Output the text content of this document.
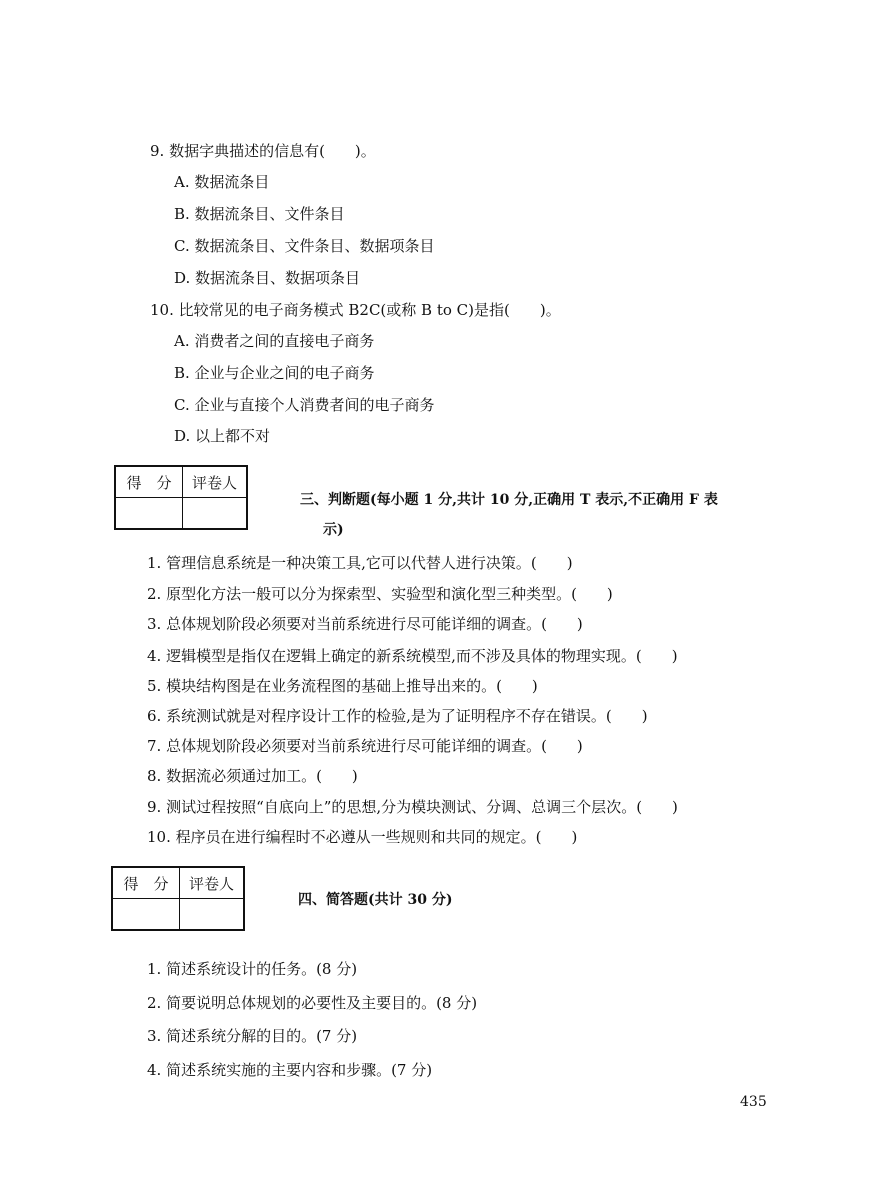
9. 数据字典描述的信息有(　　)。
A. 数据流条目
B. 数据流条目、文件条目
C. 数据流条目、文件条目、数据项条目
D. 数据流条目、数据项条目
10. 比较常见的电子商务模式 B2C(或称 B to C)是指(　　)。
A. 消费者之间的直接电子商务
B. 企业与企业之间的电子商务
C. 企业与直接个人消费者间的电子商务
D. 以上都不对
得　分	评卷人

三、判断题(每小题 1 分,共计 10 分,正确用 T 表示,不正确用 F 表
示)
1. 管理信息系统是一种决策工具,它可以代替人进行决策。(　　)
2. 原型化方法一般可以分为探索型、实验型和演化型三种类型。(　　)
3. 总体规划阶段必须要对当前系统进行尽可能详细的调查。(　　)
4. 逻辑模型是指仅在逻辑上确定的新系统模型,而不涉及具体的物理实现。(　　)
5. 模块结构图是在业务流程图的基础上推导出来的。(　　)
6. 系统测试就是对程序设计工作的检验,是为了证明程序不存在错误。(　　)
7. 总体规划阶段必须要对当前系统进行尽可能详细的调查。(　　)
8. 数据流必须通过加工。(　　)
9. 测试过程按照“自底向上”的思想,分为模块测试、分调、总调三个层次。(　　)
10. 程序员在进行编程时不必遵从一些规则和共同的规定。(　　)
得　分	评卷人

四、简答题(共计 30 分)
1. 简述系统设计的任务。(8 分)
2. 简要说明总体规划的必要性及主要目的。(8 分)
3. 简述系统分解的目的。(7 分)
4. 简述系统实施的主要内容和步骤。(7 分)
435
